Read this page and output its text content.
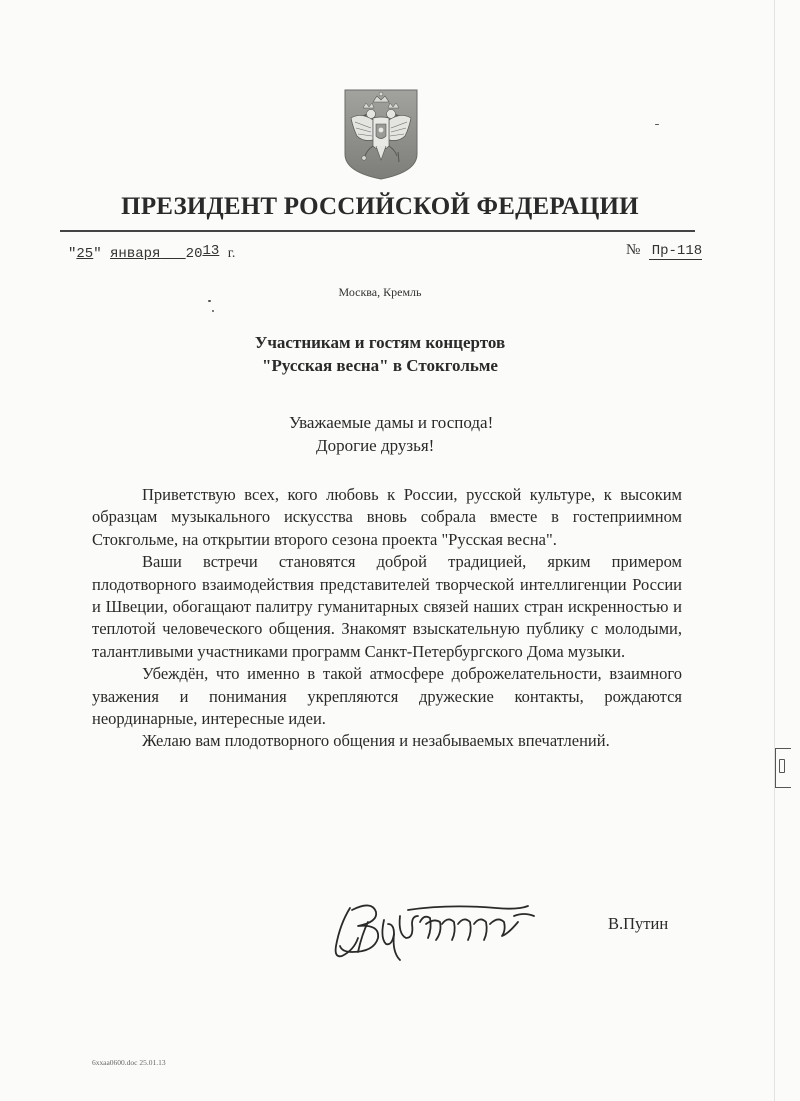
ПРЕЗИДЕНТ РОССИЙСКОЙ ФЕДЕРАЦИИ
"25" января 2013 г.	№ Пр-118
Москва, Кремль
Участникам и гостям концертов
"Русская весна" в Стокгольме
Уважаемые дамы и господа!
Дорогие друзья!

Приветствую всех, кого любовь к России, русской культуре, к высоким образцам музыкального искусства вновь собрала вместе в гостеприимном Стокгольме, на открытии второго сезона проекта "Русская весна".

Ваши встречи становятся доброй традицией, ярким примером плодотворного взаимодействия представителей творческой интеллигенции России и Швеции, обогащают палитру гуманитарных связей наших стран искренностью и теплотой человеческого общения. Знакомят взыскательную публику с молодыми, талантливыми участниками программ Санкт-Петербургского Дома музыки.

Убеждён, что именно в такой атмосфере доброжелательности, взаимного уважения и понимания укрепляются дружеские контакты, рождаются неординарные, интересные идеи.

Желаю вам плодотворного общения и незабываемых впечатлений.

В.Путин
6ххаа0600.doc 25.01.13
